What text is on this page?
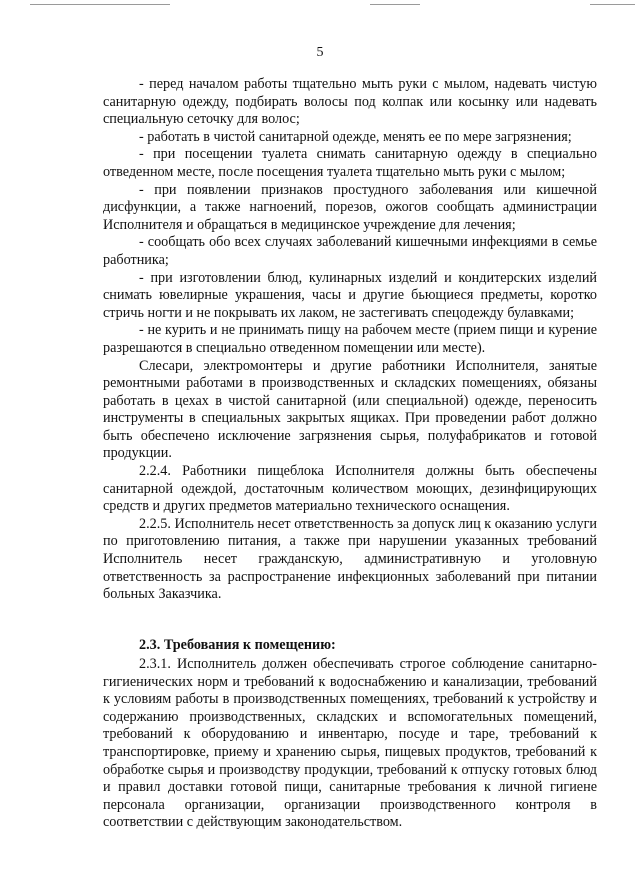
5

- перед началом работы тщательно мыть руки с мылом, надевать чистую санитарную одежду, подбирать волосы под колпак или косынку или надевать специальную сеточку для волос;

- работать в чистой санитарной одежде, менять ее по мере загрязнения;

- при посещении туалета снимать санитарную одежду в специально отведенном месте, после посещения туалета тщательно мыть руки с мылом;

- при появлении признаков простудного заболевания или кишечной дисфункции, а также нагноений, порезов, ожогов сообщать администрации Исполнителя и обращаться в медицинское учреждение для лечения;

- сообщать обо всех случаях заболеваний кишечными инфекциями в семье работника;

- при изготовлении блюд, кулинарных изделий и кондитерских изделий снимать ювелирные украшения, часы и другие бьющиеся предметы, коротко стричь ногти и не покрывать их лаком, не застегивать спецодежду булавками;

- не курить и не принимать пищу на рабочем месте (прием пищи и курение разрешаются в специально отведенном помещении или месте).

Слесари, электромонтеры и другие работники Исполнителя, занятые ремонтными работами в производственных и складских помещениях, обязаны работать в цехах в чистой санитарной (или специальной) одежде, переносить инструменты в специальных закрытых ящиках. При проведении работ должно быть обеспечено исключение загрязнения сырья, полуфабрикатов и готовой продукции.

2.2.4. Работники пищеблока Исполнителя должны быть обеспечены санитарной одеждой, достаточным количеством моющих, дезинфицирующих средств и других предметов материально технического оснащения.

2.2.5. Исполнитель несет ответственность за допуск лиц к оказанию услуги по приготовлению питания, а также при нарушении указанных требований Исполнитель несет гражданскую, административную и уголовную ответственность за распространение инфекционных заболеваний при питании больных Заказчика.

2.3. Требования к помещению:

2.3.1. Исполнитель должен обеспечивать строгое соблюдение санитарно-гигиенических норм и требований к водоснабжению и канализации, требований к условиям работы в производственных помещениях, требований к устройству и содержанию производственных, складских и вспомогательных помещений, требований к оборудованию и инвентарю, посуде и таре, требований к транспортировке, приему и хранению сырья, пищевых продуктов, требований к обработке сырья и производству продукции, требований к отпуску готовых блюд и правил доставки готовой пищи, санитарные требования к личной гигиене персонала организации, организации производственного контроля в соответствии с действующим законодательством.
